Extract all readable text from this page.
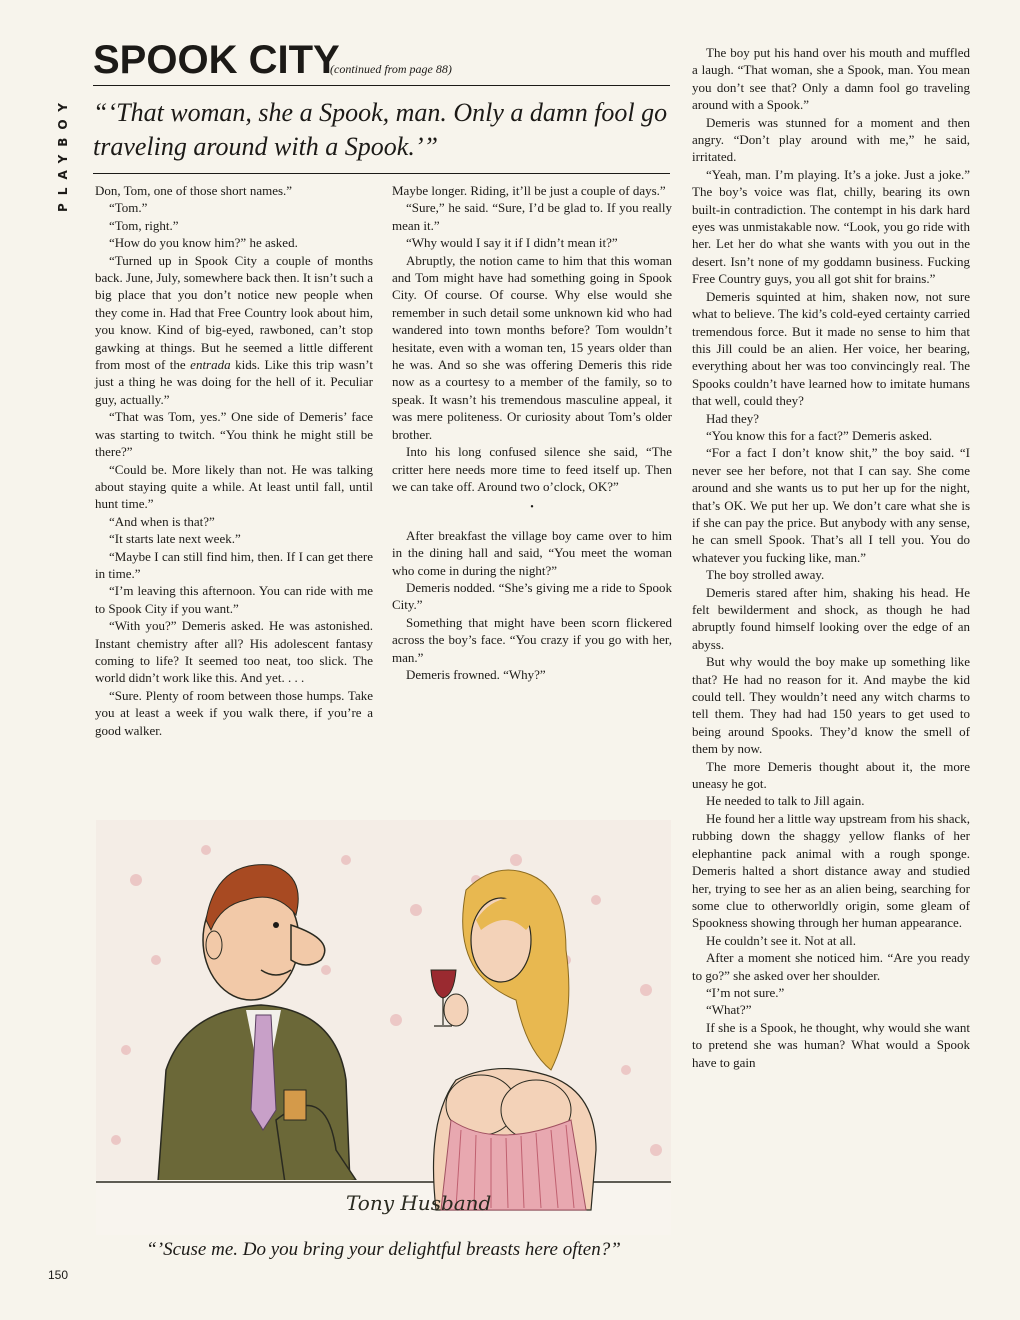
PLAYBOY
SPOOK CITY
(continued from page 88)
“‘That woman, she a Spook, man. Only a damn fool go traveling around with a Spook.’”

Don, Tom, one of those short names.”

“Tom.”

“Tom, right.”

“How do you know him?” he asked.

“Turned up in Spook City a couple of months back. June, July, somewhere back then. It isn’t such a big place that you don’t notice new people when they come in. Had that Free Country look about him, you know. Kind of big-eyed, rawboned, can’t stop gawking at things. But he seemed a little different from most of the entrada kids. Like this trip wasn’t just a thing he was doing for the hell of it. Peculiar guy, actually.”

“That was Tom, yes.” One side of Demeris’ face was starting to twitch. “You think he might still be there?”

“Could be. More likely than not. He was talking about staying quite a while. At least until fall, until hunt time.”

“And when is that?”

“It starts late next week.”

“Maybe I can still find him, then. If I can get there in time.”

“I’m leaving this afternoon. You can ride with me to Spook City if you want.”

“With you?” Demeris asked. He was astonished. Instant chemistry after all? His adolescent fantasy coming to life? It seemed too neat, too slick. The world didn’t work like this. And yet. . . .

“Sure. Plenty of room between those humps. Take you at least a week if you walk there, if you’re a good walker.

Maybe longer. Riding, it’ll be just a couple of days.”

“Sure,” he said. “Sure, I’d be glad to. If you really mean it.”

“Why would I say it if I didn’t mean it?”

Abruptly, the notion came to him that this woman and Tom might have had something going in Spook City. Of course. Of course. Why else would she remember in such detail some unknown kid who had wandered into town months before? Tom wouldn’t hesitate, even with a woman ten, 15 years older than he was. And so she was offering Demeris this ride now as a courtesy to a member of the family, so to speak. It wasn’t his tremendous masculine appeal, it was mere politeness. Or curiosity about Tom’s older brother.

Into his long confused silence she said, “The critter here needs more time to feed itself up. Then we can take off. Around two o’clock, OK?”

•

After breakfast the village boy came over to him in the dining hall and said, “You meet the woman who come in during the night?”

Demeris nodded. “She’s giving me a ride to Spook City.”

Something that might have been scorn flickered across the boy’s face. “You crazy if you go with her, man.”

Demeris frowned. “Why?”

The boy put his hand over his mouth and muffled a laugh. “That woman, she a Spook, man. You mean you don’t see that? Only a damn fool go traveling around with a Spook.”

Demeris was stunned for a moment and then angry. “Don’t play around with me,” he said, irritated.

“Yeah, man. I’m playing. It’s a joke. Just a joke.” The boy’s voice was flat, chilly, bearing its own built-in contradiction. The contempt in his dark hard eyes was unmistakable now. “Look, you go ride with her. Let her do what she wants with you out in the desert. Isn’t none of my goddamn business. Fucking Free Country guys, you all got shit for brains.”

Demeris squinted at him, shaken now, not sure what to believe. The kid’s cold-eyed certainty carried tremendous force. But it made no sense to him that this Jill could be an alien. Her voice, her bearing, everything about her was too convincingly real. The Spooks couldn’t have learned how to imitate humans that well, could they?

Had they?

“You know this for a fact?” Demeris asked.

“For a fact I don’t know shit,” the boy said. “I never see her before, not that I can say. She come around and she wants us to put her up for the night, that’s OK. We put her up. We don’t care what she is if she can pay the price. But anybody with any sense, he can smell Spook. That’s all I tell you. You do whatever you fucking like, man.”

The boy strolled away.

Demeris stared after him, shaking his head. He felt bewilderment and shock, as though he had abruptly found himself looking over the edge of an abyss.

But why would the boy make up something like that? He had no reason for it. And maybe the kid could tell. They wouldn’t need any witch charms to tell them. They had had 150 years to get used to being around Spooks. They’d know the smell of them by now.

The more Demeris thought about it, the more uneasy he got.

He needed to talk to Jill again.

He found her a little way upstream from his shack, rubbing down the shaggy yellow flanks of her elephantine pack animal with a rough sponge. Demeris halted a short distance away and studied her, trying to see her as an alien being, searching for some clue to otherworldly origin, some gleam of Spookness showing through her human appearance.

He couldn’t see it. Not at all.

After a moment she noticed him. “Are you ready to go?” she asked over her shoulder.

“I’m not sure.”

“What?”

If she is a Spook, he thought, why would she want to pretend she was human? What would a Spook have to gain

Tony Husband
“’Scuse me. Do you bring your delightful breasts here often?”
150
